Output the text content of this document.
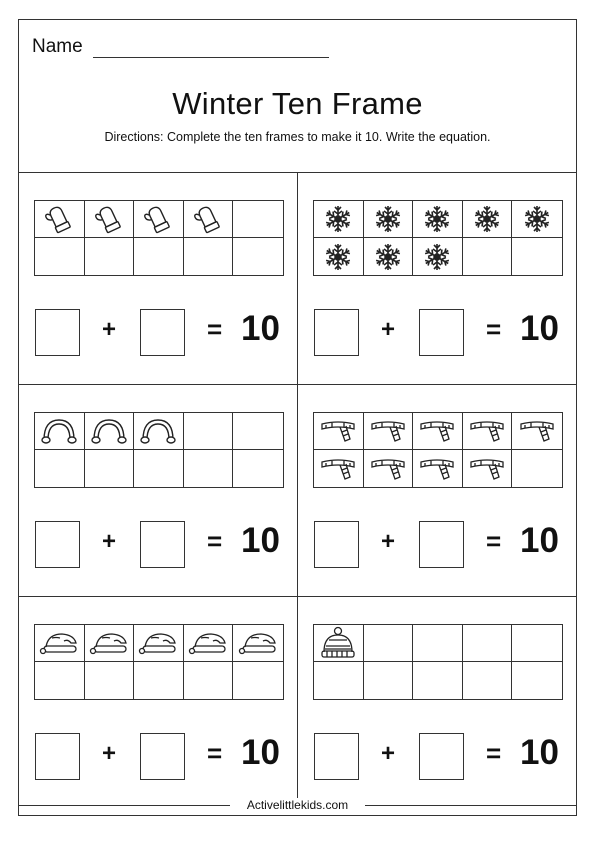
Name
Winter Ten Frame
Directions: Complete the ten frames to make it 10. Write the equation.
+	= 10	+	= 10
+	= 10	+	= 10
+	= 10	+	= 10
Activelittlekids.com
